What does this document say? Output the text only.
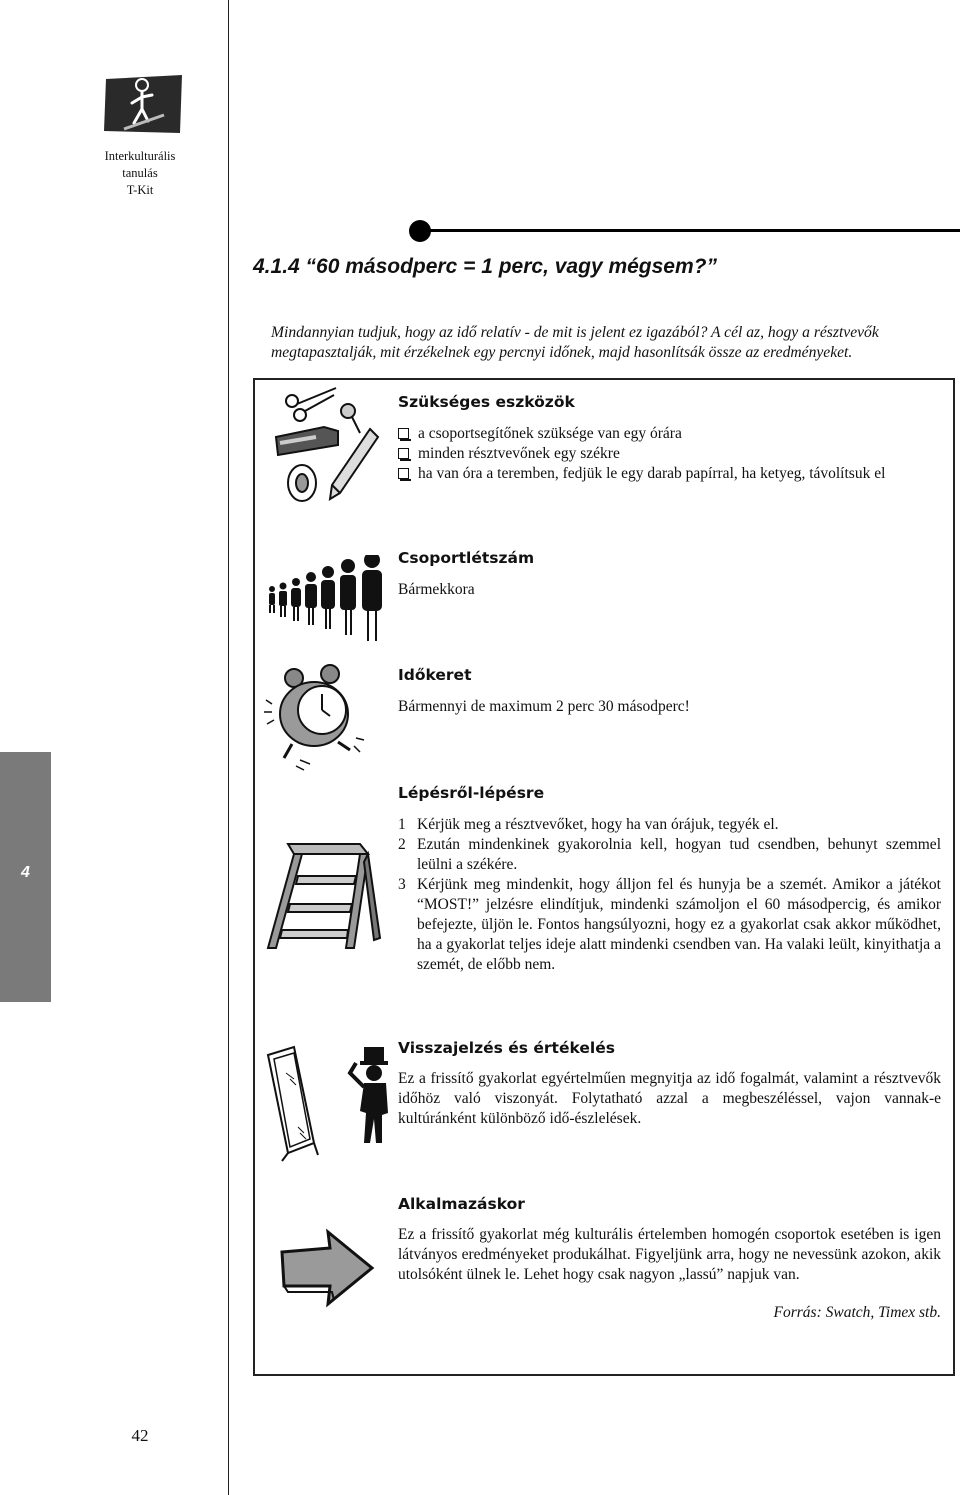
Interkulturális
tanulás
T-Kit
4
42
4.1.4 “60 másodperc = 1 perc, vagy mégsem?”
Mindannyian tudjuk, hogy az idő relatív - de mit is jelent ez igazából? A cél az, hogy a résztvevők megtapasztalják, mit érzékelnek egy percnyi időnek, majd hasonlítsák össze az eredményeket.
Szükséges eszközök
a csoportsegítőnek szüksége van egy órára
minden résztvevőnek egy székre
ha van óra a teremben, fedjük le egy darab papírral, ha ketyeg, távolítsuk el
Csoportlétszám
Bármekkora
Időkeret
Bármennyi de maximum 2 perc 30 másodperc!
Lépésről-lépésre
1 Kérjük meg a résztvevőket, hogy ha van órájuk, tegyék el.
2 Ezután mindenkinek gyakorolnia kell, hogyan tud csendben, behunyt szemmel leülni a székére.
3 Kérjünk meg mindenkit, hogy álljon fel és hunyja be a szemét. Amikor a játékot “MOST!” jelzésre elindítjuk, mindenki számoljon el 60 másodpercig, és amikor befejezte, üljön le. Fontos hangsúlyozni, hogy ez a gyakorlat csak akkor működhet, ha a gyakorlat teljes ideje alatt mindenki csendben van. Ha valaki leült, kinyithatja a szemét, de előbb nem.
Visszajelzés és értékelés
Ez a frissítő gyakorlat egyértelműen megnyitja az idő fogalmát, valamint a résztvevők időhöz való viszonyát. Folytatható azzal a megbeszéléssel, vajon vannak-e kultúránként különböző idő-észlelések.
Alkalmazáskor
Ez a frissítő gyakorlat még kulturális értelemben homogén csoportok esetében is igen látványos eredményeket produkálhat. Figyeljünk arra, hogy ne nevessünk azokon, akik utolsóként ülnek le. Lehet hogy csak nagyon „lassú” napjuk van.
Forrás: Swatch, Timex stb.
